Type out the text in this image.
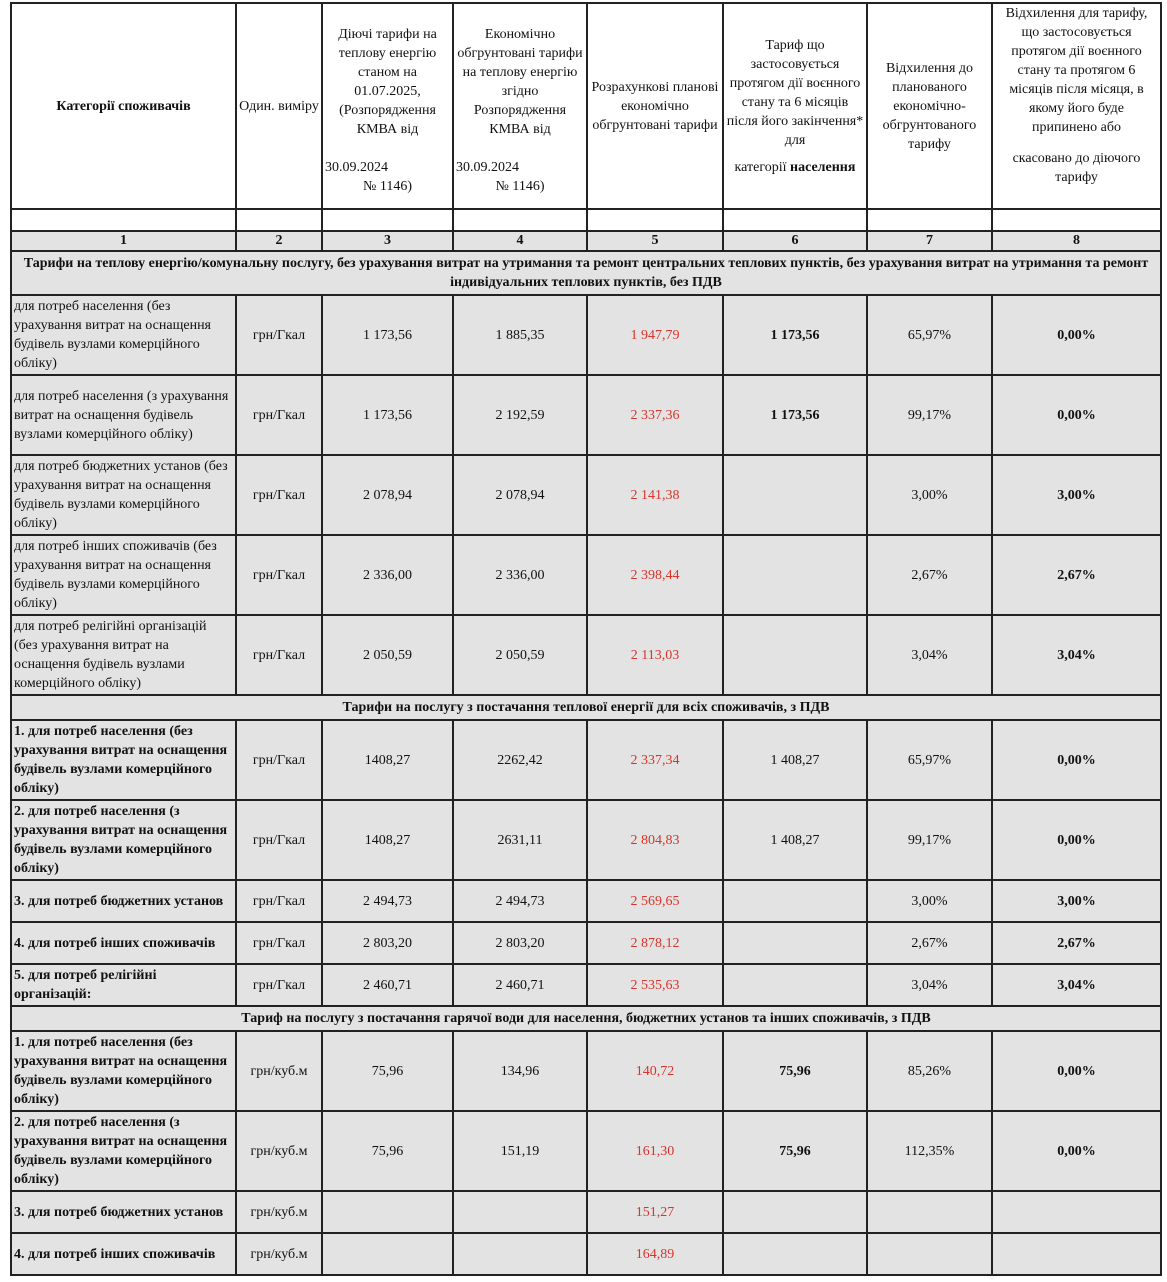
Категорії споживачів	Один. виміру	Діючі тарифи на теплову енергію станом на 01.07.2025, (Розпорядження КМВА від

30.09.2024
№ 1146)	Економічно обгрунтовані тарифи на теплову енергію згідно Розпорядження КМВА від

30.09.2024
№ 1146)	Розрахункові планові економічно обгрунтовані тарифи	Тариф що застосовується протягом дії воєнного стану та 6 місяців після його закінчення* для
категорії населення	Відхилення до планованого економічно-обгрунтованого тарифу	Відхилення для тарифу, що застосовується протягом дії воєнного стану та протягом 6 місяців після місяця, в якому його буде припинено або

скасовано до діючого тарифу

1	2	3	4	5	6	7	8
Тарифи на теплову енергію/комунальну послугу, без урахування витрат на утримання та ремонт центральних теплових пунктів, без урахування витрат на утримання та ремонт індивідуальних теплових пунктів, без ПДВ							
для потреб населення (без урахування витрат на оснащення будівель вузлами комерційного обліку)	грн/Гкал	1 173,56	1 885,35	1 947,79	1 173,56	65,97%	0,00%
для потреб населення (з урахування витрат на оснащення будівель вузлами комерційного обліку)	грн/Гкал	1 173,56	2 192,59	2 337,36	1 173,56	99,17%	0,00%
для потреб бюджетних установ (без урахування витрат на оснащення будівель вузлами комерційного обліку)	грн/Гкал	2 078,94	2 078,94	2 141,38		3,00%	3,00%
для потреб інших споживачів (без урахування витрат на оснащення будівель вузлами комерційного обліку)	грн/Гкал	2 336,00	2 336,00	2 398,44		2,67%	2,67%
для потреб релігійні організацій (без урахування витрат на оснащення будівель вузлами комерційного обліку)	грн/Гкал	2 050,59	2 050,59	2 113,03		3,04%	3,04%
Тарифи на послугу з постачання теплової енергії для всіх споживачів, з ПДВ							
1. для потреб населення (без урахування витрат на оснащення будівель вузлами комерційного обліку)	грн/Гкал	1408,27	2262,42	2 337,34	1 408,27	65,97%	0,00%
2. для потреб населення (з урахування витрат на оснащення будівель вузлами комерційного обліку)	грн/Гкал	1408,27	2631,11	2 804,83	1 408,27	99,17%	0,00%
3. для потреб бюджетних установ	грн/Гкал	2 494,73	2 494,73	2 569,65		3,00%	3,00%
4. для потреб інших споживачів	грн/Гкал	2 803,20	2 803,20	2 878,12		2,67%	2,67%
5. для потреб релігійні організацій:	грн/Гкал	2 460,71	2 460,71	2 535,63		3,04%	3,04%
Тариф на послугу з постачання гарячої води для населення, бюджетних установ та інших споживачів, з ПДВ							
1. для потреб населення (без урахування витрат на оснащення будівель вузлами комерційного обліку)	грн/куб.м	75,96	134,96	140,72	75,96	85,26%	0,00%
2. для потреб населення (з урахування витрат на оснащення будівель вузлами комерційного обліку)	грн/куб.м	75,96	151,19	161,30	75,96	112,35%	0,00%
3. для потреб бюджетних установ	грн/куб.м			151,27			
4. для потреб інших споживачів	грн/куб.м			164,89			
